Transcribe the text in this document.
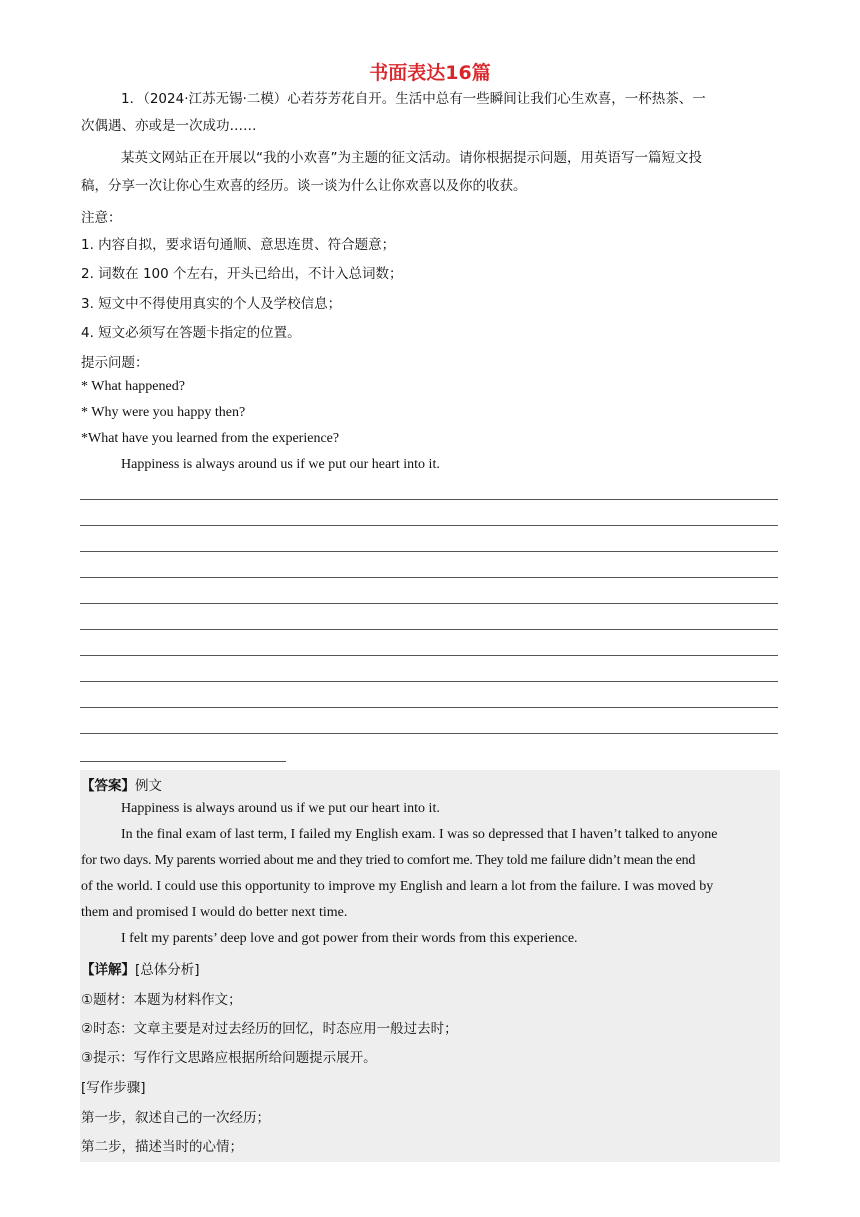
书面表达16篇
1．（2024·江苏无锡·二模）心若芬芳花自开。生活中总有一些瞬间让我们心生欢喜，一杯热茶、一
次偶遇、亦或是一次成功……
某英文网站正在开展以“我的小欢喜”为主题的征文活动。请你根据提示问题，用英语写一篇短文投
稿，分享一次让你心生欢喜的经历。谈一谈为什么让你欢喜以及你的收获。
注意：
1. 内容自拟，要求语句通顺、意思连贯、符合题意；
2. 词数在 100 个左右，开头已给出，不计入总词数；
3. 短文中不得使用真实的个人及学校信息；
4. 短文必须写在答题卡指定的位置。
提示问题：
* What happened?
* Why were you happy then?
*What have you learned from the experience?
Happiness is always around us if we put our heart into it.
【答案】例文
Happiness is always around us if we put our heart into it.
In the final exam of last term, I failed my English exam. I was so depressed that I haven’t talked to anyone
for two days. My parents worried about me and they tried to comfort me. They told me failure didn’t mean the end
of the world. I could use this opportunity to improve my English and learn a lot from the failure. I was moved by
them and promised I would do better next time.
I felt my parents’ deep love and got power from their words from this experience.
【详解】[总体分析]
①题材：本题为材料作文；
②时态：文章主要是对过去经历的回忆，时态应用一般过去时；
③提示：写作行文思路应根据所给问题提示展开。
[写作步骤]
第一步，叙述自己的一次经历；
第二步，描述当时的心情；
